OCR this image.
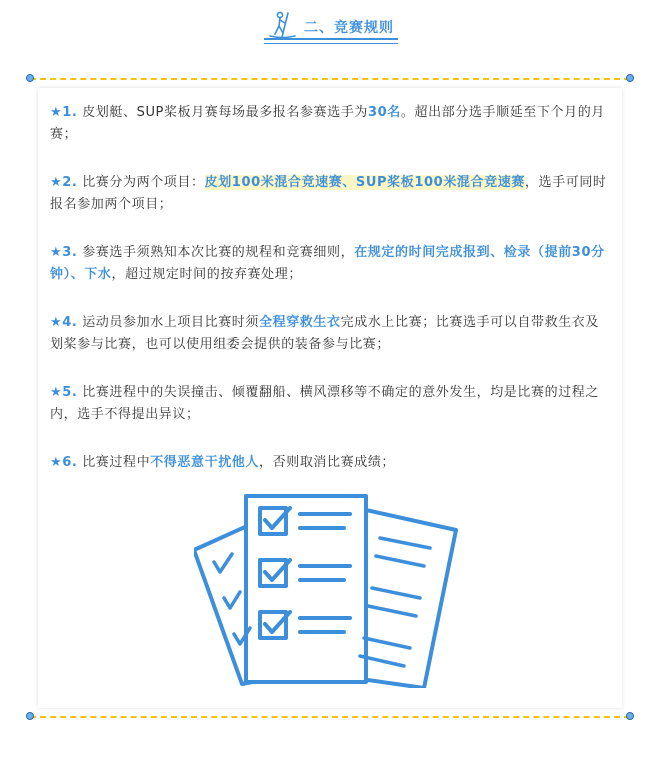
二、竞赛规则
★1. 皮划艇、SUP桨板月赛每场最多报名参赛选手为30名。超出部分选手顺延至下个月的月赛；
★2. 比赛分为两个项目：皮划100米混合竞速赛、SUP桨板100米混合竞速赛，选手可同时报名参加两个项目；
★3. 参赛选手须熟知本次比赛的规程和竞赛细则，在规定的时间完成报到、检录（提前30分钟）、下水，超过规定时间的按弃赛处理；
★4. 运动员参加水上项目比赛时须全程穿救生衣完成水上比赛；比赛选手可以自带救生衣及划桨参与比赛，也可以使用组委会提供的装备参与比赛；
★5. 比赛进程中的失误撞击、倾覆翻船、横风漂移等不确定的意外发生，均是比赛的过程之内，选手不得提出异议；
★6. 比赛过程中不得恶意干扰他人，否则取消比赛成绩；
